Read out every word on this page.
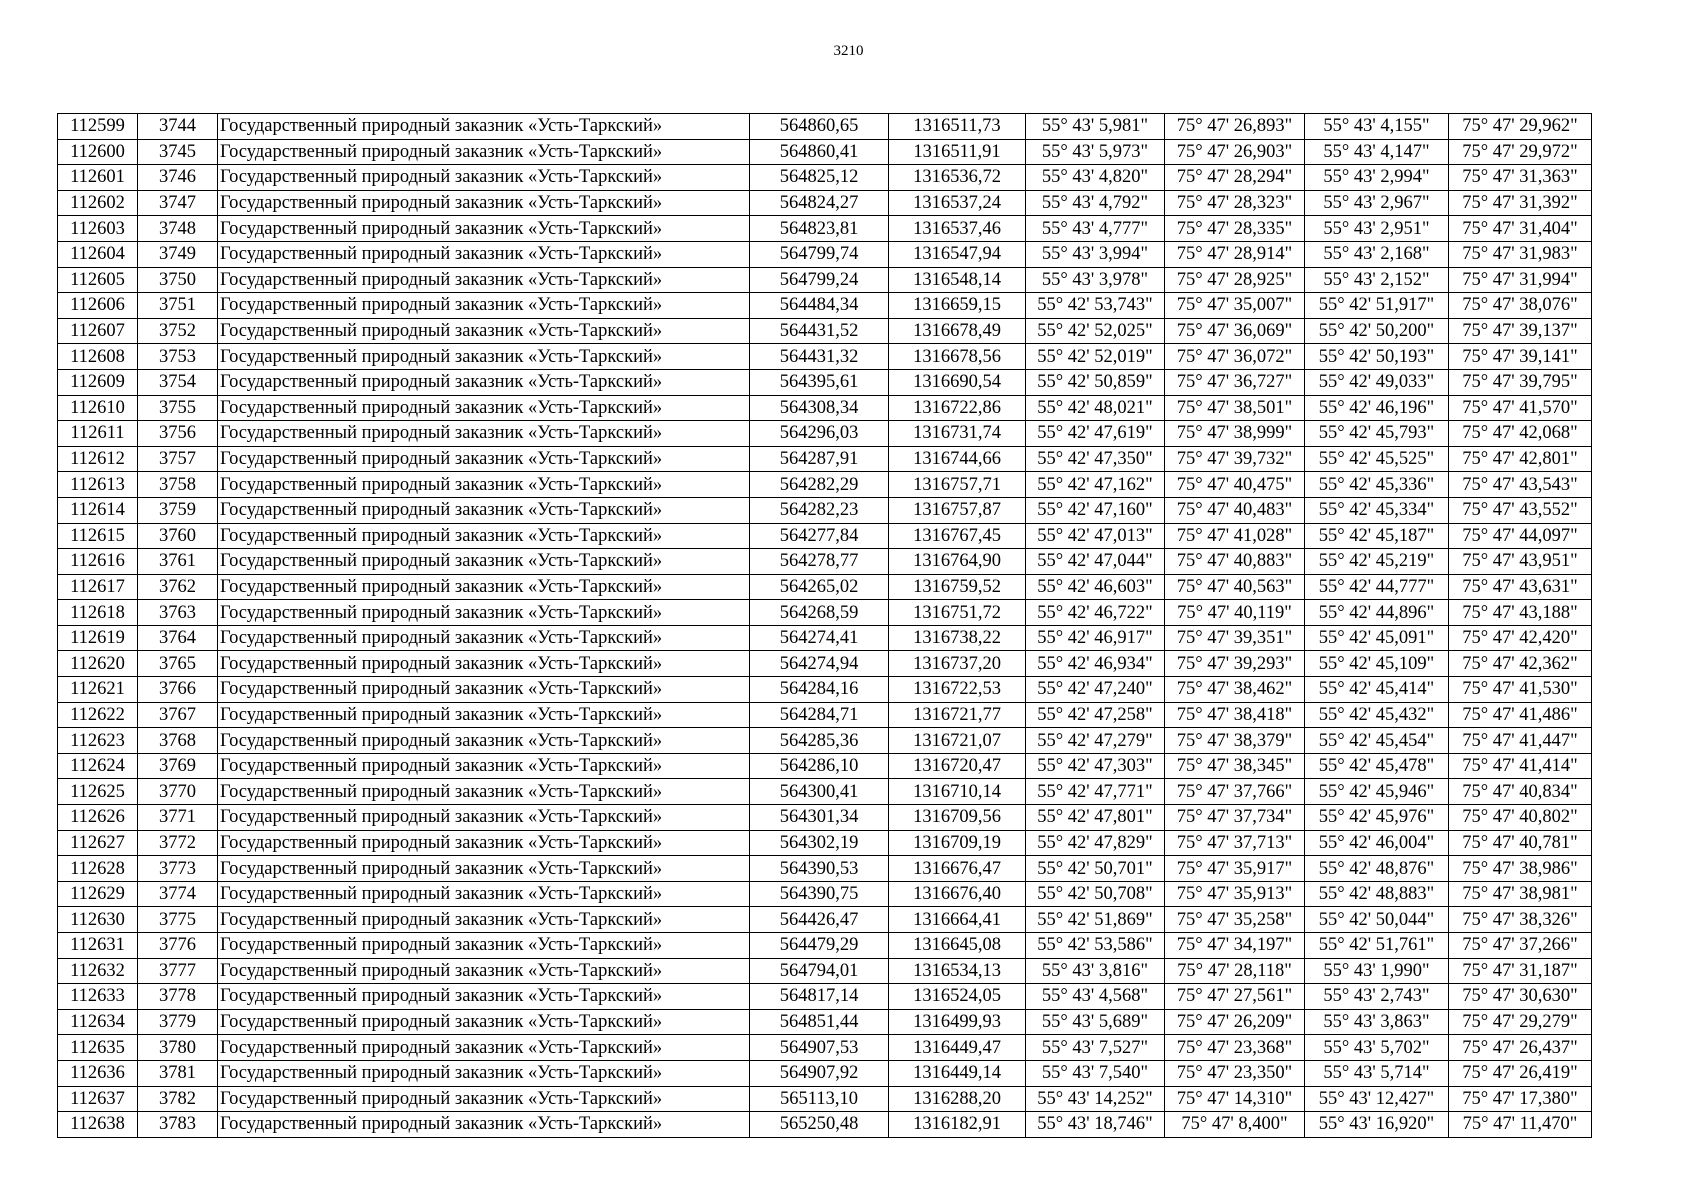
3210
112599	3744	Государственный природный заказник «Усть-Таркский»	564860,65	1316511,73	55° 43' 5,981"	75° 47' 26,893"	55° 43' 4,155"	75° 47' 29,962"
112600	3745	Государственный природный заказник «Усть-Таркский»	564860,41	1316511,91	55° 43' 5,973"	75° 47' 26,903"	55° 43' 4,147"	75° 47' 29,972"
112601	3746	Государственный природный заказник «Усть-Таркский»	564825,12	1316536,72	55° 43' 4,820"	75° 47' 28,294"	55° 43' 2,994"	75° 47' 31,363"
112602	3747	Государственный природный заказник «Усть-Таркский»	564824,27	1316537,24	55° 43' 4,792"	75° 47' 28,323"	55° 43' 2,967"	75° 47' 31,392"
112603	3748	Государственный природный заказник «Усть-Таркский»	564823,81	1316537,46	55° 43' 4,777"	75° 47' 28,335"	55° 43' 2,951"	75° 47' 31,404"
112604	3749	Государственный природный заказник «Усть-Таркский»	564799,74	1316547,94	55° 43' 3,994"	75° 47' 28,914"	55° 43' 2,168"	75° 47' 31,983"
112605	3750	Государственный природный заказник «Усть-Таркский»	564799,24	1316548,14	55° 43' 3,978"	75° 47' 28,925"	55° 43' 2,152"	75° 47' 31,994"
112606	3751	Государственный природный заказник «Усть-Таркский»	564484,34	1316659,15	55° 42' 53,743"	75° 47' 35,007"	55° 42' 51,917"	75° 47' 38,076"
112607	3752	Государственный природный заказник «Усть-Таркский»	564431,52	1316678,49	55° 42' 52,025"	75° 47' 36,069"	55° 42' 50,200"	75° 47' 39,137"
112608	3753	Государственный природный заказник «Усть-Таркский»	564431,32	1316678,56	55° 42' 52,019"	75° 47' 36,072"	55° 42' 50,193"	75° 47' 39,141"
112609	3754	Государственный природный заказник «Усть-Таркский»	564395,61	1316690,54	55° 42' 50,859"	75° 47' 36,727"	55° 42' 49,033"	75° 47' 39,795"
112610	3755	Государственный природный заказник «Усть-Таркский»	564308,34	1316722,86	55° 42' 48,021"	75° 47' 38,501"	55° 42' 46,196"	75° 47' 41,570"
112611	3756	Государственный природный заказник «Усть-Таркский»	564296,03	1316731,74	55° 42' 47,619"	75° 47' 38,999"	55° 42' 45,793"	75° 47' 42,068"
112612	3757	Государственный природный заказник «Усть-Таркский»	564287,91	1316744,66	55° 42' 47,350"	75° 47' 39,732"	55° 42' 45,525"	75° 47' 42,801"
112613	3758	Государственный природный заказник «Усть-Таркский»	564282,29	1316757,71	55° 42' 47,162"	75° 47' 40,475"	55° 42' 45,336"	75° 47' 43,543"
112614	3759	Государственный природный заказник «Усть-Таркский»	564282,23	1316757,87	55° 42' 47,160"	75° 47' 40,483"	55° 42' 45,334"	75° 47' 43,552"
112615	3760	Государственный природный заказник «Усть-Таркский»	564277,84	1316767,45	55° 42' 47,013"	75° 47' 41,028"	55° 42' 45,187"	75° 47' 44,097"
112616	3761	Государственный природный заказник «Усть-Таркский»	564278,77	1316764,90	55° 42' 47,044"	75° 47' 40,883"	55° 42' 45,219"	75° 47' 43,951"
112617	3762	Государственный природный заказник «Усть-Таркский»	564265,02	1316759,52	55° 42' 46,603"	75° 47' 40,563"	55° 42' 44,777"	75° 47' 43,631"
112618	3763	Государственный природный заказник «Усть-Таркский»	564268,59	1316751,72	55° 42' 46,722"	75° 47' 40,119"	55° 42' 44,896"	75° 47' 43,188"
112619	3764	Государственный природный заказник «Усть-Таркский»	564274,41	1316738,22	55° 42' 46,917"	75° 47' 39,351"	55° 42' 45,091"	75° 47' 42,420"
112620	3765	Государственный природный заказник «Усть-Таркский»	564274,94	1316737,20	55° 42' 46,934"	75° 47' 39,293"	55° 42' 45,109"	75° 47' 42,362"
112621	3766	Государственный природный заказник «Усть-Таркский»	564284,16	1316722,53	55° 42' 47,240"	75° 47' 38,462"	55° 42' 45,414"	75° 47' 41,530"
112622	3767	Государственный природный заказник «Усть-Таркский»	564284,71	1316721,77	55° 42' 47,258"	75° 47' 38,418"	55° 42' 45,432"	75° 47' 41,486"
112623	3768	Государственный природный заказник «Усть-Таркский»	564285,36	1316721,07	55° 42' 47,279"	75° 47' 38,379"	55° 42' 45,454"	75° 47' 41,447"
112624	3769	Государственный природный заказник «Усть-Таркский»	564286,10	1316720,47	55° 42' 47,303"	75° 47' 38,345"	55° 42' 45,478"	75° 47' 41,414"
112625	3770	Государственный природный заказник «Усть-Таркский»	564300,41	1316710,14	55° 42' 47,771"	75° 47' 37,766"	55° 42' 45,946"	75° 47' 40,834"
112626	3771	Государственный природный заказник «Усть-Таркский»	564301,34	1316709,56	55° 42' 47,801"	75° 47' 37,734"	55° 42' 45,976"	75° 47' 40,802"
112627	3772	Государственный природный заказник «Усть-Таркский»	564302,19	1316709,19	55° 42' 47,829"	75° 47' 37,713"	55° 42' 46,004"	75° 47' 40,781"
112628	3773	Государственный природный заказник «Усть-Таркский»	564390,53	1316676,47	55° 42' 50,701"	75° 47' 35,917"	55° 42' 48,876"	75° 47' 38,986"
112629	3774	Государственный природный заказник «Усть-Таркский»	564390,75	1316676,40	55° 42' 50,708"	75° 47' 35,913"	55° 42' 48,883"	75° 47' 38,981"
112630	3775	Государственный природный заказник «Усть-Таркский»	564426,47	1316664,41	55° 42' 51,869"	75° 47' 35,258"	55° 42' 50,044"	75° 47' 38,326"
112631	3776	Государственный природный заказник «Усть-Таркский»	564479,29	1316645,08	55° 42' 53,586"	75° 47' 34,197"	55° 42' 51,761"	75° 47' 37,266"
112632	3777	Государственный природный заказник «Усть-Таркский»	564794,01	1316534,13	55° 43' 3,816"	75° 47' 28,118"	55° 43' 1,990"	75° 47' 31,187"
112633	3778	Государственный природный заказник «Усть-Таркский»	564817,14	1316524,05	55° 43' 4,568"	75° 47' 27,561"	55° 43' 2,743"	75° 47' 30,630"
112634	3779	Государственный природный заказник «Усть-Таркский»	564851,44	1316499,93	55° 43' 5,689"	75° 47' 26,209"	55° 43' 3,863"	75° 47' 29,279"
112635	3780	Государственный природный заказник «Усть-Таркский»	564907,53	1316449,47	55° 43' 7,527"	75° 47' 23,368"	55° 43' 5,702"	75° 47' 26,437"
112636	3781	Государственный природный заказник «Усть-Таркский»	564907,92	1316449,14	55° 43' 7,540"	75° 47' 23,350"	55° 43' 5,714"	75° 47' 26,419"
112637	3782	Государственный природный заказник «Усть-Таркский»	565113,10	1316288,20	55° 43' 14,252"	75° 47' 14,310"	55° 43' 12,427"	75° 47' 17,380"
112638	3783	Государственный природный заказник «Усть-Таркский»	565250,48	1316182,91	55° 43' 18,746"	75° 47' 8,400"	55° 43' 16,920"	75° 47' 11,470"
